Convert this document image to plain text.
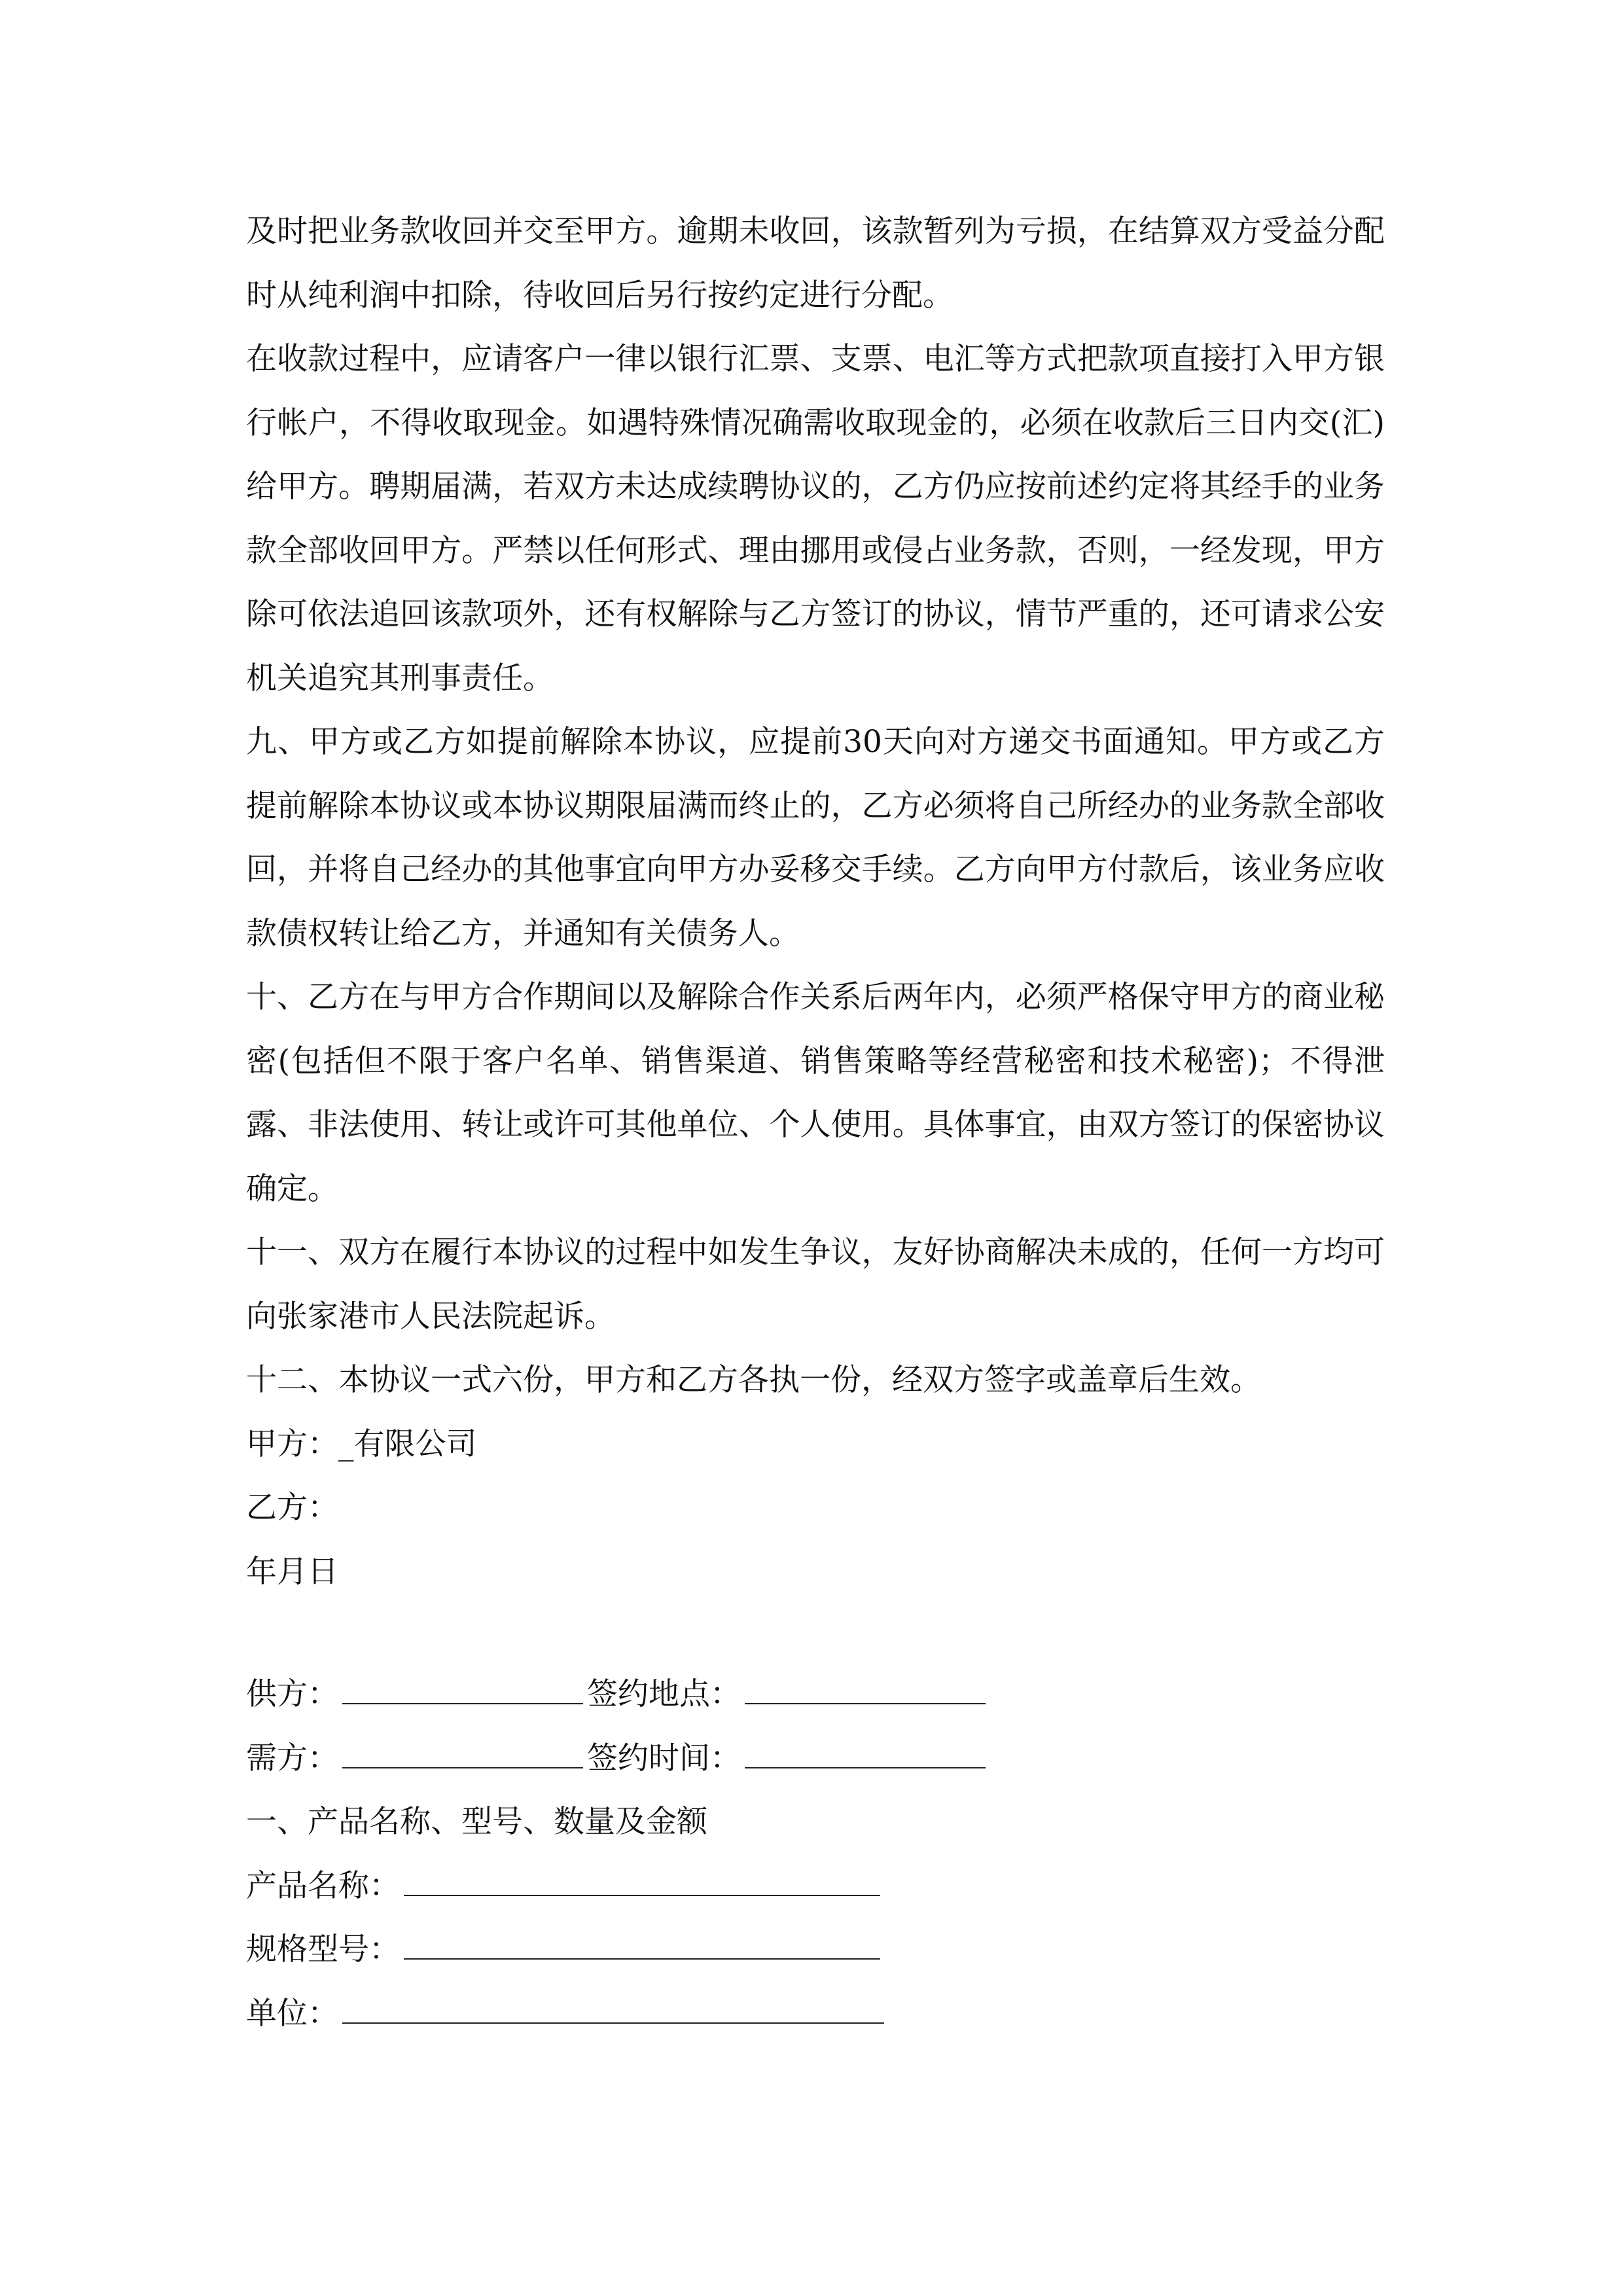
及时把业务款收回并交至甲方。逾期未收回，该款暂列为亏损，在结算双方受益分配时从纯利润中扣除，待收回后另行按约定进行分配。

在收款过程中，应请客户一律以银行汇票、支票、电汇等方式把款项直接打入甲方银行帐户，不得收取现金。如遇特殊情况确需收取现金的，必须在收款后三日内交(汇)给甲方。聘期届满，若双方未达成续聘协议的，乙方仍应按前述约定将其经手的业务款全部收回甲方。严禁以任何形式、理由挪用或侵占业务款，否则，一经发现，甲方除可依法追回该款项外，还有权解除与乙方签订的协议，情节严重的，还可请求公安机关追究其刑事责任。

九、甲方或乙方如提前解除本协议，应提前30天向对方递交书面通知。甲方或乙方提前解除本协议或本协议期限届满而终止的，乙方必须将自己所经办的业务款全部收回，并将自己经办的其他事宜向甲方办妥移交手续。乙方向甲方付款后，该业务应收款债权转让给乙方，并通知有关债务人。

十、乙方在与甲方合作期间以及解除合作关系后两年内，必须严格保守甲方的商业秘密(包括但不限于客户名单、销售渠道、销售策略等经营秘密和技术秘密)；不得泄露、非法使用、转让或许可其他单位、个人使用。具体事宜，由双方签订的保密协议确定。

十一、双方在履行本协议的过程中如发生争议，友好协商解决未成的，任何一方均可向张家港市人民法院起诉。

十二、本协议一式六份，甲方和乙方各执一份，经双方签字或盖章后生效。

甲方：_有限公司

乙方：

年月日

供方：	签约地点：
需方：	签约时间：
一、产品名称、型号、数量及金额
产品名称：
规格型号：
单位：
